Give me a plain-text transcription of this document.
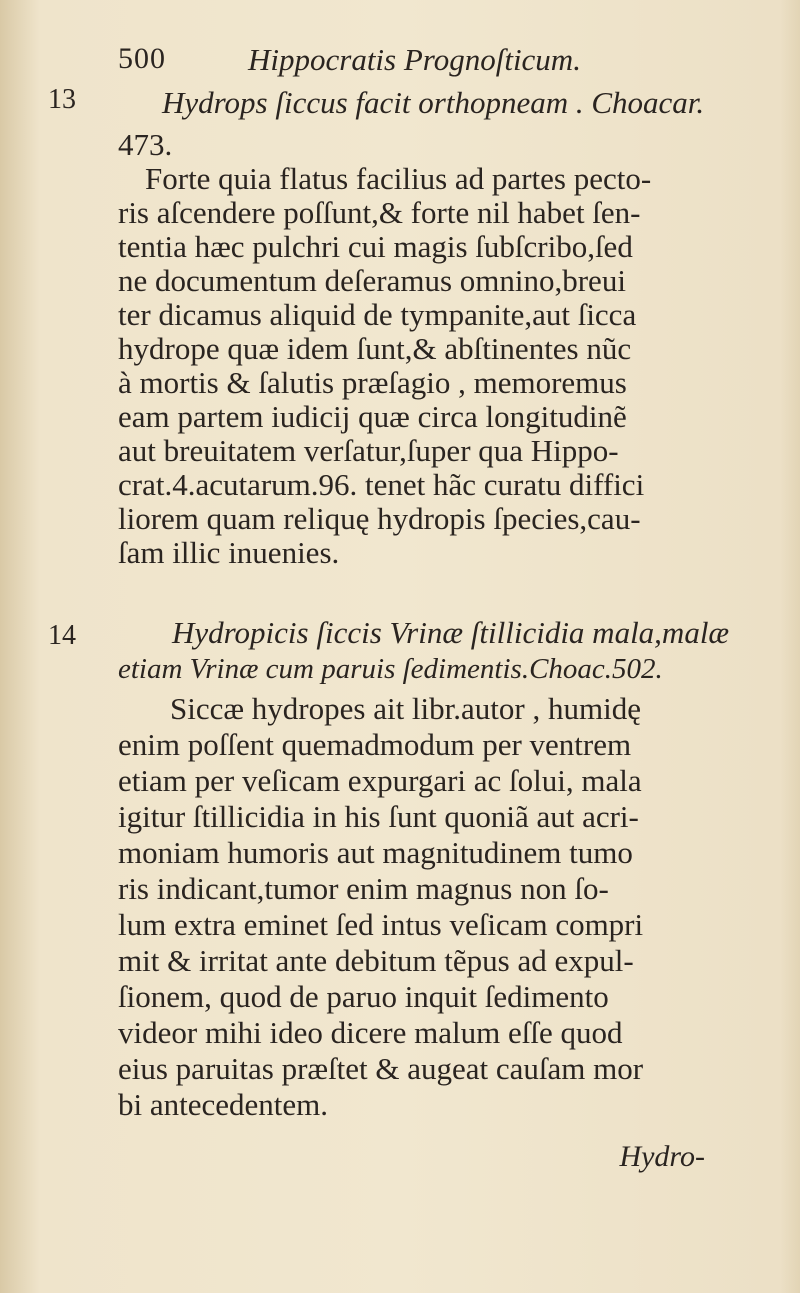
500	Hippocratis Prognoſticum.
13
14
Hydrops ſiccus facit orthopneam . Choacar.
473.
Forte quia flatus facilius ad partes pecto-
ris aſcendere poſſunt,& forte nil habet ſen-
tentia hæc pulchri cui magis ſubſcribo,ſed
ne documentum deſeramus omnino,breui
ter dicamus aliquid de tympanite,aut ſicca
hydrope quæ idem ſunt,& abſtinentes nũc
à mortis & ſalutis præſagio , memoremus
eam partem iudicij quæ circa longitudinẽ
aut breuitatem verſatur,ſuper qua Hippo-
crat.4.acutarum.96. tenet hãc curatu diffici
liorem quam reliquę hydropis ſpecies,cau-
ſam illic inuenies.
Hydropicis ſiccis Vrinæ ſtillicidia mala,malæ
etiam Vrinæ cum paruis ſedimentis.Choac.502.
Siccæ hydropes ait libr.autor , humidę
enim poſſent quemadmodum per ventrem
etiam per veſicam expurgari ac ſolui, mala
igitur ſtillicidia in his ſunt quoniã aut acri-
moniam humoris aut magnitudinem tumo
ris indicant,tumor enim magnus non ſo-
lum extra eminet ſed intus veſicam compri
mit & irritat ante debitum tẽpus ad expul-
ſionem, quod de paruo inquit ſedimento
videor mihi ideo dicere malum eſſe quod
eius paruitas præſtet & augeat cauſam mor
bi antecedentem.
Hydro-
